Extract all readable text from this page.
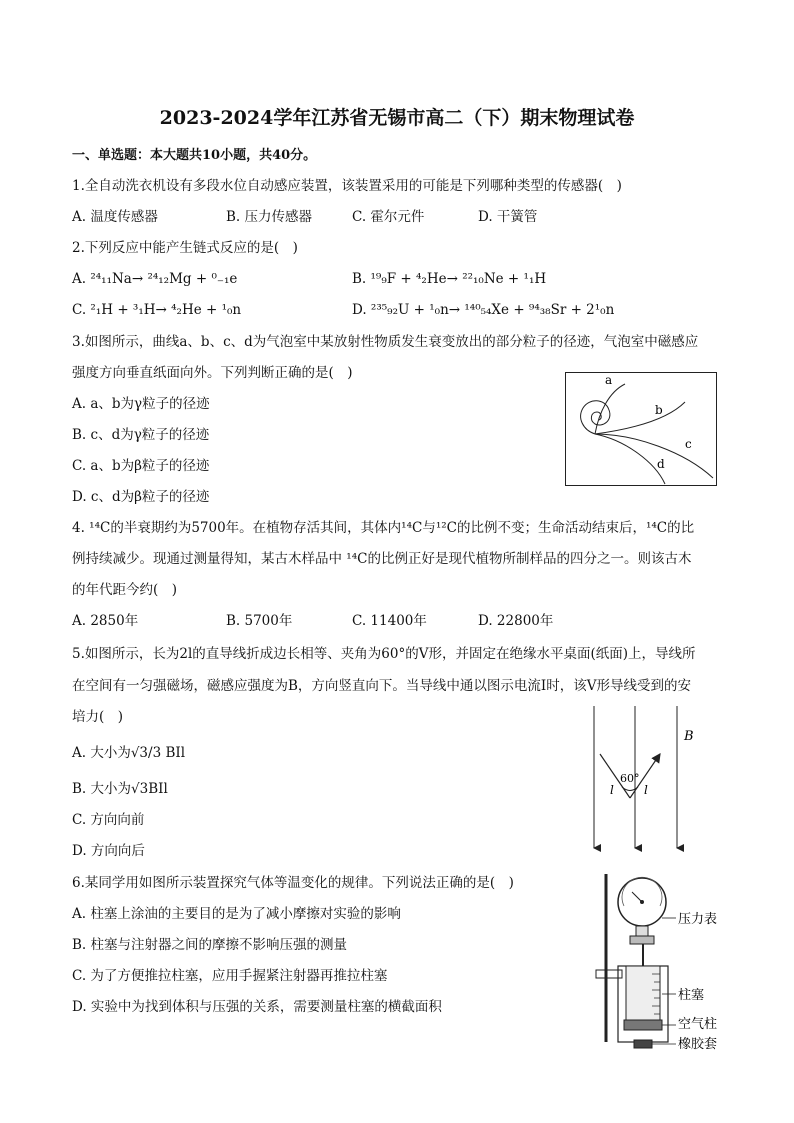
2023-2024学年江苏省无锡市高二（下）期末物理试卷
一、单选题：本大题共10小题，共40分。
1.全自动洗衣机设有多段水位自动感应装置，该装置采用的可能是下列哪种类型的传感器(　)
A. 温度传感器	B. 压力传感器	C. 霍尔元件	D. 干簧管
2.下列反应中能产生链式反应的是(　)
A. ²⁴₁₁Na→ ²⁴₁₂Mg + ⁰₋₁e	B. ¹⁹₉F + ⁴₂He→ ²²₁₀Ne + ¹₁H
C. ²₁H + ³₁H→ ⁴₂He + ¹₀n	D. ²³⁵₉₂U + ¹₀n→ ¹⁴⁰₅₄Xe + ⁹⁴₃₈Sr + 2¹₀n
3.如图所示，曲线a、b、c、d为气泡室中某放射性物质发生衰变放出的部分粒子的径迹，气泡室中磁感应
强度方向垂直纸面向外。下列判断正确的是(　)
A. a、b为γ粒子的径迹
B. c、d为γ粒子的径迹
C. a、b为β粒子的径迹
D. c、d为β粒子的径迹
a
b
c
d
4. ¹⁴C的半衰期约为5700年。在植物存活其间，其体内¹⁴C与¹²C的比例不变；生命活动结束后，¹⁴C的比
例持续减少。现通过测量得知，某古木样品中 ¹⁴C的比例正好是现代植物所制样品的四分之一。则该古木
的年代距今约(　)
A. 2850年	B. 5700年	C. 11400年	D. 22800年
5.如图所示，长为2l的直导线折成边长相等、夹角为60°的V形，并固定在绝缘水平桌面(纸面)上，导线所
在空间有一匀强磁场，磁感应强度为B，方向竖直向下。当导线中通以图示电流I时，该V形导线受到的安
培力(　)
A. 大小为√3/3 BIl
B. 大小为√3BIl
C. 方向向前
D. 方向向后
B
60°
l	l
6.某同学用如图所示装置探究气体等温变化的规律。下列说法正确的是(　)
A. 柱塞上涂油的主要目的是为了减小摩擦对实验的影响
B. 柱塞与注射器之间的摩擦不影响压强的测量
C. 为了方便推拉柱塞，应用手握紧注射器再推拉柱塞
D. 实验中为找到体积与压强的关系，需要测量柱塞的横截面积
压力表
柱塞
空气柱
橡胶套
